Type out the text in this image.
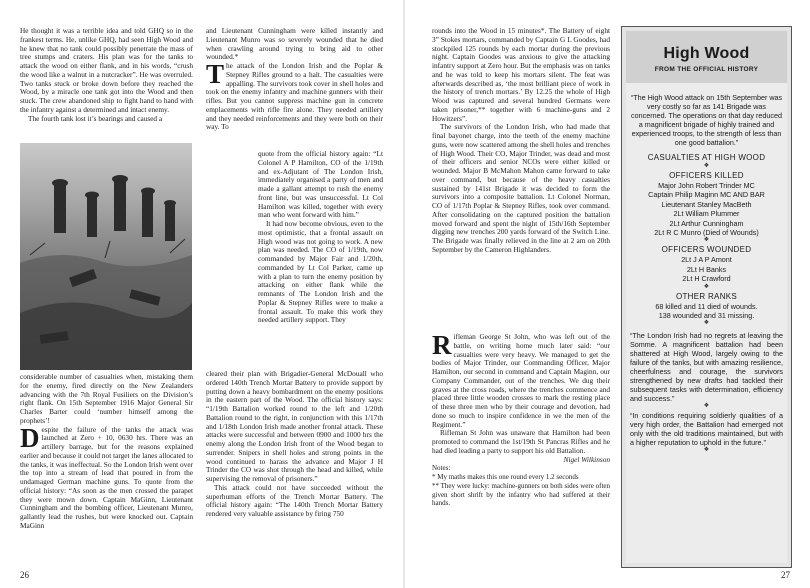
He thought it was a terrible idea and told GHQ so in the frankest terms. He, unlike GHQ, had seen High Wood and he knew that no tank could possibly penetrate the mass of tree stumps and craters. His plan was for the tanks to attack the wood on either flank, and in his words, “crush the wood like a walnut in a nutcracker”. He was overruled. Two tanks stuck or broke down before they reached the Wood, by a miracle one tank got into the Wood and then stuck. The crew abandoned ship to fight hand to hand with the infantry against a determined and intact enemy.

The fourth tank lost it’s bearings and caused a

considerable number of casualties when, mistaking them for the enemy, fired directly on the New Zealanders advancing with the 7th Royal Fusiliers on the Division’s right flank. On 15th September 1916 Major General Sir Charles Barter could ‘number himself among the prophets’!

Despite the failure of the tanks the attack was launched at Zero + 10, 0630 hrs. There was an artillery barrage, but for the reasons explained earlier and because it could not target the lanes allocated to the tanks, it was ineffectual. So the London Irish went over the top into a stream of lead that poured in from the undamaged German machine guns. To quote from the official history: “As soon as the men crossed the parapet they were mown down. Captain MaGinn, Lieutenant Cunningham and the bombing officer, Lieutenant Munro, gallantly lead the rushes, but were knocked out. Captain MaGinn

and Lieutenant Cunningham were killed instantly and Lieutenant Munro was so severely wounded that he died when crawling around trying to bring aid to other wounded.*

The attack of the London Irish and the Poplar & Stepney Rifles ground to a halt. The casualties were appalling. The survivors took cover in shell holes and took on the enemy infantry and machine gunners with their rifles. But you cannot suppress machine gun in concrete emplacements with rifle fire alone. They needed artillery and they needed reinforcements and they were both on their way. To

quote from the official history again: “Lt Colonel A P Hamilton, CO of the 1/19th and ex-Adjutant of The London Irish, immediately organised a party of men and made a gallant attempt to rush the enemy front line, but was unsuccessful. Lt Col Hamilton was killed, together with every man who went forward with him.”

It had now become obvious, even to the most optimistic, that a frontal assault on High wood was not going to work. A new plan was needed. The CO of 1/19th, now commanded by Major Fair and 1/20th, commanded by Lt Col Parker, came up with a plan to turn the enemy position by attacking on either flank while the remnants of The London Irish and the Poplar & Stepney Rifles were to make a frontal assault. To make this work they needed artillery support. They

cleared their plan with Brigadier-General McDouall who ordered 140th Trench Mortar Battery to provide support by putting down a heavy bombardment on the enemy positions in the eastern part of the Wood. The official history says: “1/19th Battalion worked round to the left and 1/20th Battalion round to the right, in conjunction with this 1/17th and 1/18th London Irish made another frontal attack. These attacks were successful and between 0900 and 1000 hrs the enemy along the London Irish front of the Wood began to surrender. Snipers in shell holes and strong points in the wood continued to harass the advance and Major J H Trinder the CO was shot through the head and killed, while supervising the removal of prisoners.”

This attack could not have succeeded without the superhuman efforts of the Trench Mortar Battery. The official history again: “The 140th Trench Mortar Battery rendered very valuable assistance by firing 750

26

rounds into the Wood in 15 minutes*. The Battery of eight 3” Stokes mortars, commanded by Captain G L Goodes, had stockpiled 125 rounds by each mortar during the previous night. Captain Goodes was anxious to give the attacking infantry support at Zero hour. But the emphasis was on tanks and he was told to keep his mortars silent. The feat was afterwards described as, ‘the most brilliant piece of work in the history of trench mortars.’ By 12.25 the whole of High Wood was captured and several hundred Germans were taken prisoner,** together with 6 machine-guns and 2 Howitzers”.

The survivors of the London Irish, who had made that final bayonet charge, into the teeth of the enemy machine guns, were now scattered among the shell holes and trenches of High Wood. Their CO, Major Trinder, was dead and most of their officers and senior NCOs were either killed or wounded. Major B McMahon Mahon came forward to take over command, but because of the heavy casualties sustained by 141st Brigade it was decided to form the survivors into a composite battalion. Lt Colonel Norman, CO of 1/17th Poplar & Stepney Rifles, took over command. After consolidating on the captured position the battalion moved forward and spent the night of 15th/16th September digging new trenches 200 yards forward of the Switch Line. The Brigade was finally relieved in the line at 2 am on 20th September by the Cameron Highlanders.

Rifleman George St John, who was left out of the battle, on writing home much later said: “our casualties were very heavy. We managed to get the bodies of Major Trinder, our Commanding Officer, Major Hamilton, our second in command and Captain Maginn, our Company Commander, out of the trenches. We dug their graves at the cross roads, where the trenches commence and placed three little wooden crosses to mark the resting place of these three men who by their courage and devotion, had done so much to inspire confidence in we the men of the Regiment.”

Rifleman St John was unaware that Hamilton had been promoted to command the 1st/19th St Pancras Rifles and he had died leading a party to support his old Battalion.

Nigel Wilkinson

Notes:

* My maths makes this one round every 1.2 seconds

** They were lucky: machine-gunners on both sides were often given short shrift by the infantry who had suffered at their hands.

High Wood
FROM THE OFFICIAL HISTORY

“The High Wood attack on 15th September was very costly so far as 141 Brigade was concerned. The operations on that day reduced a magnificent brigade of highly trained and experienced troops, to the strength of less than one good battalion.”

CASUALTIES AT HIGH WOOD

❖

OFFICERS KILLED

Major John Robert Trinder MC

Captain Philip Maginn MC AND BAR

Lieutenant Stanley MacBeth

2Lt William Plummer

2Lt Arthur Cunningham

2Lt R C Munro (Died of Wounds)

❖

OFFICERS WOUNDED

2Lt J A P Amont

2Lt H Banks

2Lt H Crawford

❖

OTHER RANKS

68 killed and 11 died of wounds.

138 wounded and 31 missing.

❖

“The London Irish had no regrets at leaving the Somme. A magnificent battalion had been shattered at High Wood, largely owing to the failure of the tanks, but with amazing resilience, cheerfulness and courage, the survivors strengthened by new drafts had tackled their subsequent tasks with determination, efficiency and success.”

❖

“In conditions requiring soldierly qualities of a very high order, the Battalion had emerged not only with the old traditions maintained, but with a higher reputation to uphold in the future.”

❖

27
